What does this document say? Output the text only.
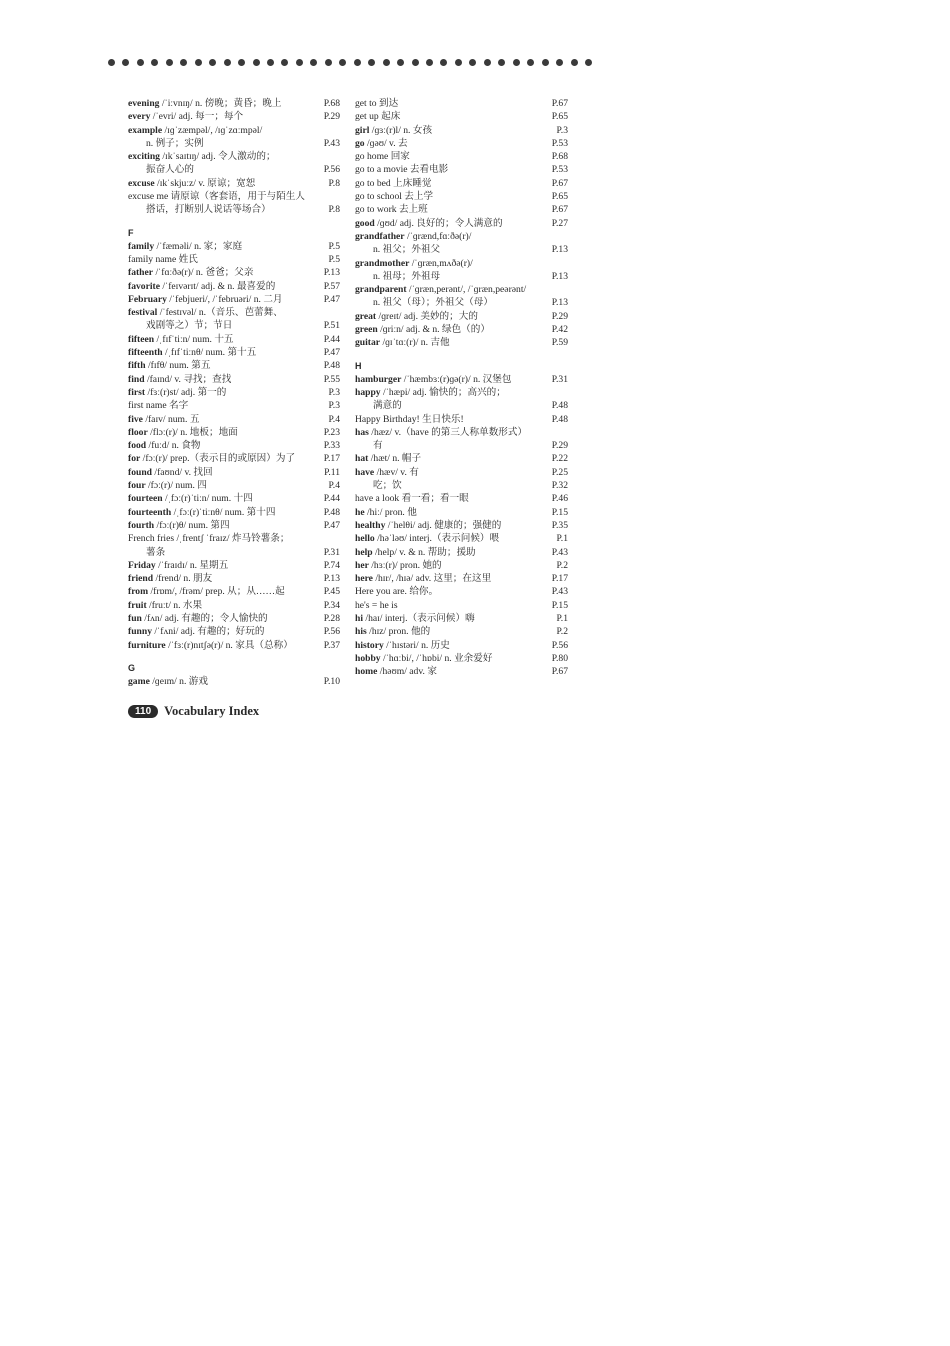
evening /ˈiːvnɪŋ/ n. 傍晚；黄昏；晚上	P.68
every /ˈevri/ adj. 每一；每个	P.29
example /ɪɡˈzæmpəl/, /ɪɡˈzɑːmpəl/
n. 例子；实例	P.43
exciting /ɪkˈsaɪtɪŋ/ adj. 令人激动的；
振奋人心的	P.56
excuse /ɪkˈskjuːz/ v. 原谅；宽恕	P.8
excuse me 请原谅（客套语，用于与陌生人
搭话，打断别人说话等场合）	P.8
F
family /ˈfæməli/ n. 家；家庭	P.5
family name 姓氏	P.5
father /ˈfɑːðə(r)/ n. 爸爸；父亲	P.13
favorite /ˈfeɪvərɪt/ adj. & n. 最喜爱的	P.57
February /ˈfebjueri/, /ˈfebruəri/ n. 二月	P.47
festival /ˈfestɪvəl/ n.（音乐、芭蕾舞、
戏剧等之）节；节日	P.51
fifteen /ˌfɪfˈtiːn/ num. 十五	P.44
fifteenth /ˌfɪfˈtiːnθ/ num. 第十五	P.47
fifth /fɪfθ/ num. 第五	P.48
find /faɪnd/ v. 寻找；查找	P.55
first /fɜː(r)st/ adj. 第一的	P.3
first name 名字	P.3
five /faɪv/ num. 五	P.4
floor /flɔː(r)/ n. 地板；地面	P.23
food /fuːd/ n. 食物	P.33
for /fɔː(r)/ prep.（表示目的或原因）为了	P.17
found /faʊnd/ v. 找回	P.11
four /fɔː(r)/ num. 四	P.4
fourteen /ˌfɔː(r)ˈtiːn/ num. 十四	P.44
fourteenth /ˌfɔː(r)ˈtiːnθ/ num. 第十四	P.48
fourth /fɔː(r)θ/ num. 第四	P.47
French fries /ˌfrentʃ ˈfraɪz/ 炸马铃薯条；
薯条	P.31
Friday /ˈfraɪdɪ/ n. 星期五	P.74
friend /frend/ n. 朋友	P.13
from /frɒm/, /frəm/ prep. 从；从……起	P.45
fruit /fruːt/ n. 水果	P.34
fun /fʌn/ adj. 有趣的；令人愉快的	P.28
funny /ˈfʌni/ adj. 有趣的；好玩的	P.56
furniture /ˈfɜː(r)nɪtʃə(r)/ n. 家具（总称）	P.37
G
game /ɡeɪm/ n. 游戏	P.10
get to 到达	P.67
get up 起床	P.65
girl /ɡɜː(r)l/ n. 女孩	P.3
go /ɡəʊ/ v. 去	P.53
go home 回家	P.68
go to a movie 去看电影	P.53
go to bed 上床睡觉	P.67
go to school 去上学	P.65
go to work 去上班	P.67
good /ɡʊd/ adj. 良好的；令人满意的	P.27
grandfather /ˈɡrænd,fɑːðə(r)/
n. 祖父；外祖父	P.13
grandmother /ˈɡræn,mʌðə(r)/
n. 祖母；外祖母	P.13
grandparent /ˈɡræn,perənt/, /ˈɡræn,peərənt/
n. 祖父（母）；外祖父（母）	P.13
great /ɡreɪt/ adj. 美妙的；大的	P.29
green /ɡriːn/ adj. & n. 绿色（的）	P.42
guitar /ɡɪˈtɑː(r)/ n. 吉他	P.59
H
hamburger /ˈhæmbɜː(r)ɡə(r)/ n. 汉堡包	P.31
happy /ˈhæpi/ adj. 愉快的；高兴的；
满意的	P.48
Happy Birthday! 生日快乐!	P.48
has /hæz/ v.（have 的第三人称单数形式）
有	P.29
hat /hæt/ n. 帽子	P.22
have /hæv/ v. 有	P.25
吃；饮	P.32
have a look 看一看；看一眼	P.46
he /hiː/ pron. 他	P.15
healthy /ˈhelθi/ adj. 健康的；强健的	P.35
hello /həˈləʊ/ interj.（表示问候）喂	P.1
help /help/ v. & n. 帮助；援助	P.43
her /hɜː(r)/ pron. 她的	P.2
here /hɪr/, /hɪə/ adv. 这里；在这里	P.17
Here you are. 给你。	P.43
he's = he is	P.15
hi /haɪ/ interj.（表示问候）嗨	P.1
his /hɪz/ pron. 他的	P.2
history /ˈhɪstəri/ n. 历史	P.56
hobby /ˈhɑːbi/, /ˈhɒbi/ n. 业余爱好	P.80
home /həʊm/ adv. 家	P.67
110	Vocabulary Index
